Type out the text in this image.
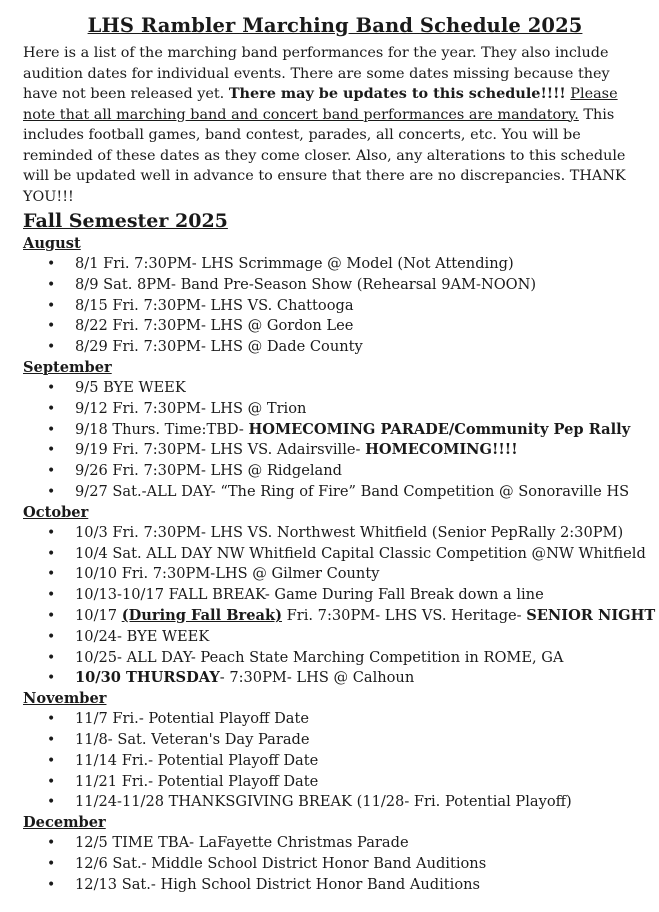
LHS Rambler Marching Band Schedule 2025

Here is a list of the marching band performances for the year. They also include audition dates for individual events. There are some dates missing because they have not been released yet. There may be updates to this schedule!!!! Please note that all marching band and concert band performances are mandatory. This includes football games, band contest, parades, all concerts, etc. You will be reminded of these dates as they come closer. Also, any alterations to this schedule will be updated well in advance to ensure that there are no discrepancies. THANK YOU!!!

Fall Semester 2025
August
• 8/1 Fri. 7:30PM- LHS Scrimmage @ Model (Not Attending)
• 8/9 Sat. 8PM- Band Pre-Season Show (Rehearsal 9AM-NOON)
• 8/15 Fri. 7:30PM- LHS VS. Chattooga
• 8/22 Fri. 7:30PM- LHS @ Gordon Lee
• 8/29 Fri. 7:30PM- LHS @ Dade County
September
• 9/5 BYE WEEK
• 9/12 Fri. 7:30PM- LHS @ Trion
• 9/18 Thurs. Time:TBD- HOMECOMING PARADE/Community Pep Rally
• 9/19 Fri. 7:30PM- LHS VS. Adairsville- HOMECOMING!!!!
• 9/26 Fri. 7:30PM- LHS @ Ridgeland
• 9/27 Sat.-ALL DAY- “The Ring of Fire” Band Competition @ Sonoraville HS
October
• 10/3 Fri. 7:30PM- LHS VS. Northwest Whitfield (Senior PepRally 2:30PM)
• 10/4 Sat. ALL DAY NW Whitfield Capital Classic Competition @NW Whitfield
• 10/10 Fri. 7:30PM-LHS @ Gilmer County
• 10/13-10/17 FALL BREAK- Game During Fall Break down a line
• 10/17 (During Fall Break) Fri. 7:30PM- LHS VS. Heritage- SENIOR NIGHT
• 10/24- BYE WEEK
• 10/25- ALL DAY- Peach State Marching Competition in ROME, GA
• 10/30 THURSDAY- 7:30PM- LHS @ Calhoun
November
• 11/7 Fri.- Potential Playoff Date
• 11/8- Sat. Veteran's Day Parade
• 11/14 Fri.- Potential Playoff Date
• 11/21 Fri.- Potential Playoff Date
• 11/24-11/28 THANKSGIVING BREAK (11/28- Fri. Potential Playoff)
December
• 12/5 TIME TBA- LaFayette Christmas Parade
• 12/6 Sat.- Middle School District Honor Band Auditions
• 12/13 Sat.- High School District Honor Band Auditions
